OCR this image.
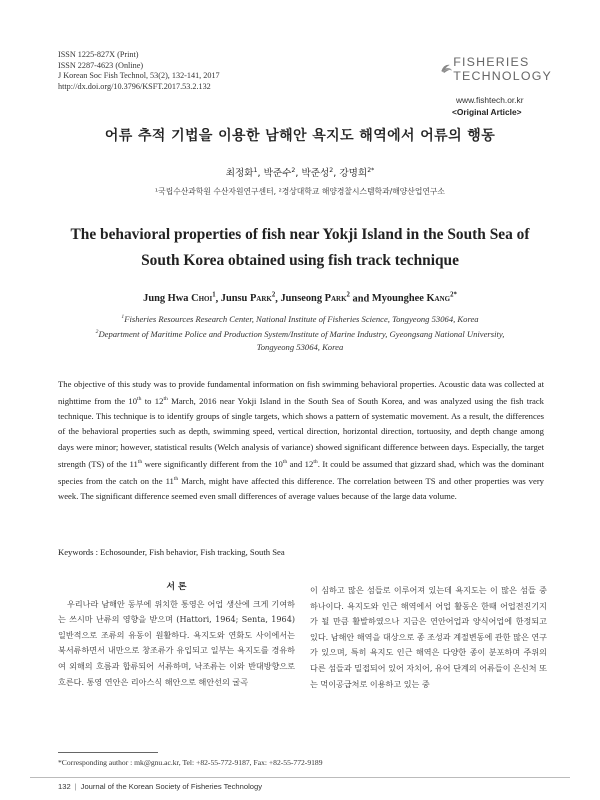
ISSN 1225-827X (Print)
ISSN 2287-4623 (Online)
J Korean Soc Fish Technol, 53(2), 132-141, 2017
http://dx.doi.org/10.3796/KSFT.2017.53.2.132
FISHERIES
TECHNOLOGY
www.fishtech.or.kr
<Original Article>
어류 추적 기법을 이용한 남해안 욕지도 해역에서 어류의 행동
최정화$^1$, 박준수$^2$, 박준성$^2$, 강명희$^{2*}$
¹국립수산과학원 수산자원연구센터, ²경상대학교 해양경찰시스템학과/해양산업연구소
The behavioral properties of fish near Yokji Island in the South Sea of
South Korea obtained using fish track technique
Jung Hwa Choi$^1$, Junsu Park$^2$, Junseong Park$^2$ and Myounghee Kang$^{2*}$
$^1$Fisheries Resources Research Center, National Institute of Fisheries Science, Tongyeong 53064, Korea
$^2$Department of Maritime Police and Production System/Institute of Marine Industry, Gyeongsang National University,
Tongyeong 53064, Korea
The objective of this study was to provide fundamental information on fish swimming behavioral properties. Acoustic data was collected at nighttime from the 10th to 12th March, 2016 near Yokji Island in the South Sea of South Korea, and was analyzed using the fish track technique. This technique is to identify groups of single targets, which shows a pattern of systematic movement. As a result, the differences of the behavioral properties such as depth, swimming speed, vertical direction, horizontal direction, tortuosity, and depth change among days were minor; however, statistical results (Welch analysis of variance) showed significant difference between days. Especially, the target strength (TS) of the 11th were significantly different from the 10th and 12th. It could be assumed that gizzard shad, which was the dominant species from the catch on the 11th March, might have affected this difference. The correlation between TS and other properties was very week. The significant difference seemed even small differences of average values because of the large data volume.
Keywords : Echosounder, Fish behavior, Fish tracking, South Sea
서 론
우리나라 남해안 동부에 위치한 통영은 어업 생산에 크게 기여하는 쓰시마 난류의 영향을 받으며 (Hattori, 1964; Senta, 1964) 일반적으로 조류의 유동이 원활하다. 욕지도와 연화도 사이에서는 북서류하면서 내만으로 창조류가 유입되고 일부는 욕지도를 경유하여 외해의 흐름과 합류되어 서류하며, 낙조류는 이와 반대방향으로 흐른다. 통영 연안은 리아스식 해안으로 해안선의 굴곡
이 심하고 많은 섬들로 이루어져 있는데 욕지도는 이 많은 섬들 중 하나이다. 욕지도와 인근 해역에서 어업 활동은 한때 어업전진기지가 될 만큼 활발하였으나 지금은 연안어업과 양식어업에 한정되고 있다. 남해안 해역을 대상으로 종 조성과 계절변동에 관한 많은 연구가 있으며, 특히 욕지도 인근 해역은 다양한 종이 분포하며 주위의 다른 섬들과 밀접되어 있어 자치어, 유어 단계의 어류들이 은신처 또는 먹이공급처로 이용하고 있는 중
*Corresponding author : mk@gnu.ac.kr, Tel: +82-55-772-9187, Fax: +82-55-772-9189
132 | Journal of the Korean Society of Fisheries Technology
